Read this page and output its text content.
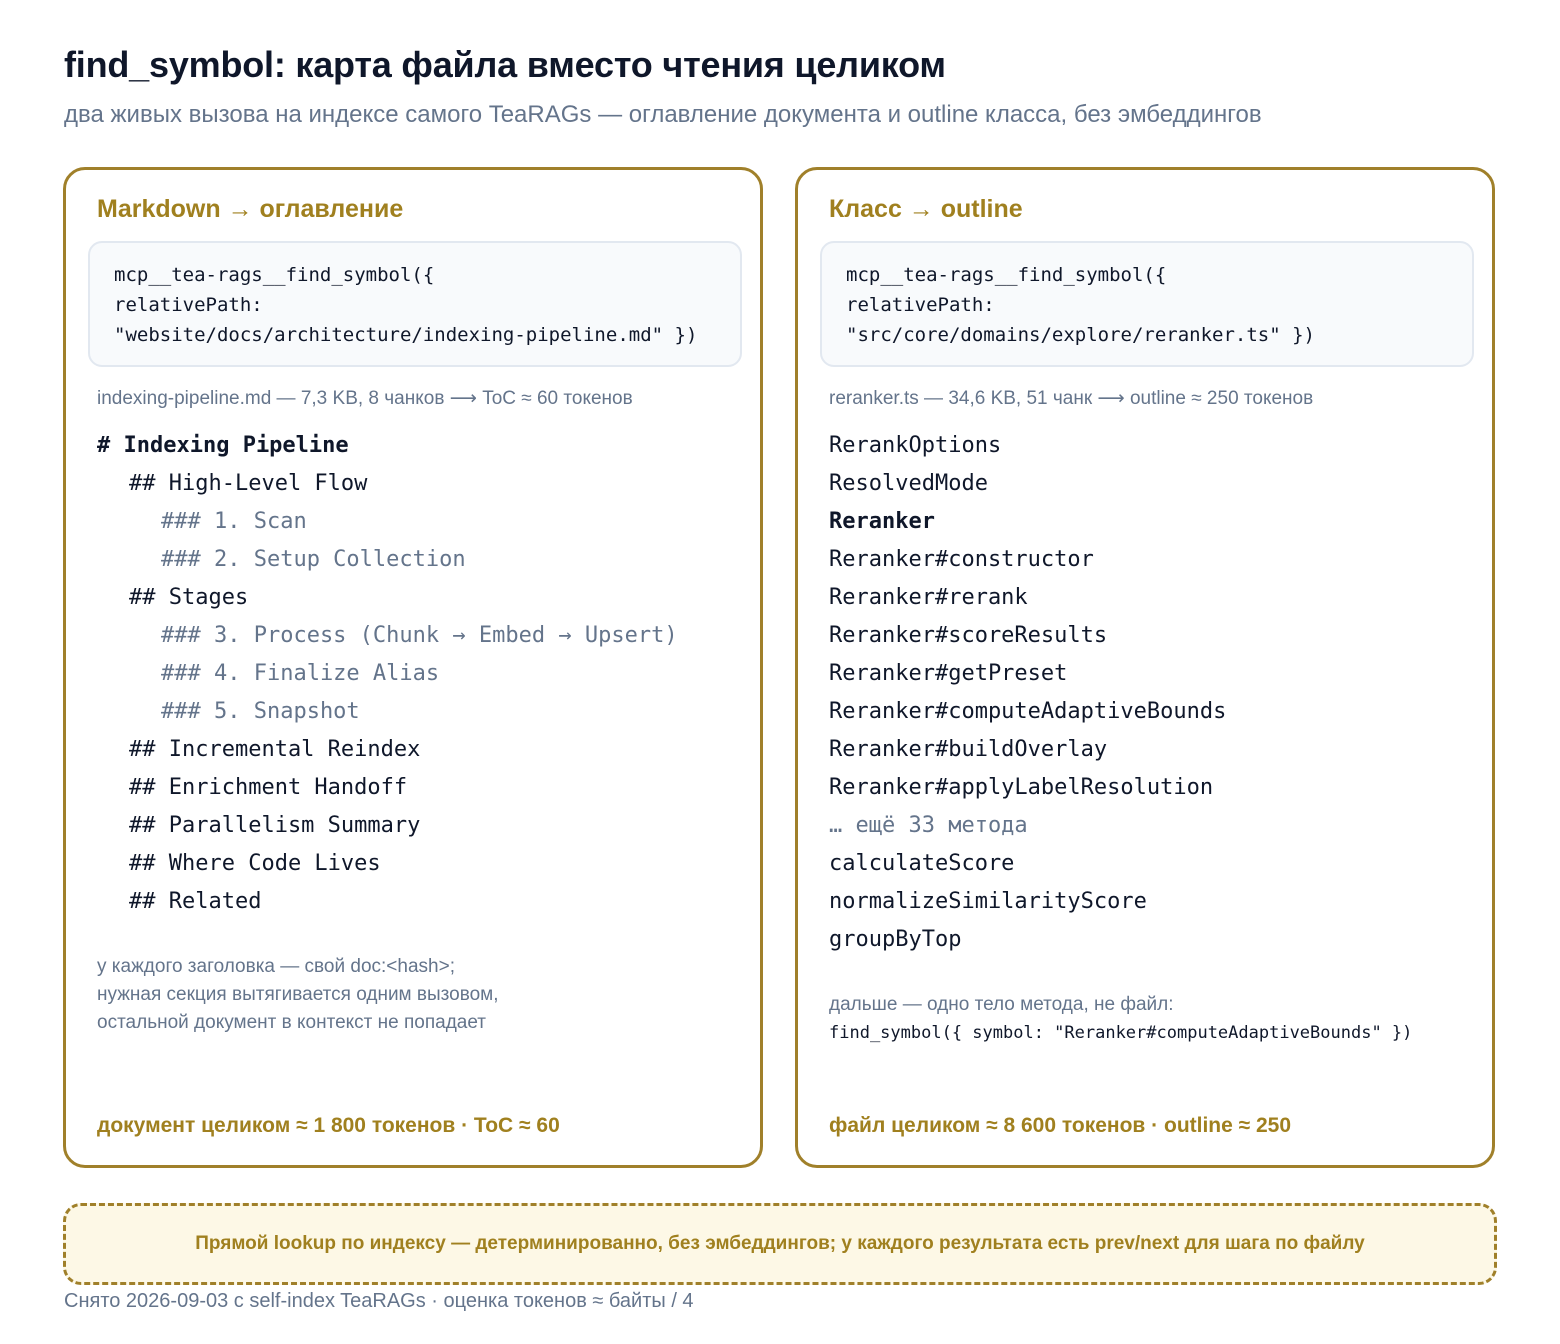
find_symbol: карта файла вместо чтения целиком
два живых вызова на индексе самого TeaRAGs — оглавление документа и outline класса, без эмбеддингов
Markdown → оглавление
mcp__tea-rags__find_symbol({
relativePath:
"website/docs/architecture/indexing-pipeline.md" })
indexing-pipeline.md — 7,3 KB, 8 чанков ⟶ ToC ≈ 60 токенов
# Indexing Pipeline
## High-Level Flow
### 1. Scan
### 2. Setup Collection
## Stages
### 3. Process (Chunk → Embed → Upsert)
### 4. Finalize Alias
### 5. Snapshot
## Incremental Reindex
## Enrichment Handoff
## Parallelism Summary
## Where Code Lives
## Related
у каждого заголовка — свой doc:<hash>;
нужная секция вытягивается одним вызовом,
остальной документ в контекст не попадает
документ целиком ≈ 1 800 токенов · ToC ≈ 60
Класс → outline
mcp__tea-rags__find_symbol({
relativePath:
"src/core/domains/explore/reranker.ts" })
reranker.ts — 34,6 KB, 51 чанк ⟶ outline ≈ 250 токенов
RerankOptions
ResolvedMode
Reranker
Reranker#constructor
Reranker#rerank
Reranker#scoreResults
Reranker#getPreset
Reranker#computeAdaptiveBounds
Reranker#buildOverlay
Reranker#applyLabelResolution
… ещё 33 метода
calculateScore
normalizeSimilarityScore
groupByTop
дальше — одно тело метода, не файл:
find_symbol({ symbol: "Reranker#computeAdaptiveBounds" })
файл целиком ≈ 8 600 токенов · outline ≈ 250
Прямой lookup по индексу — детерминированно, без эмбеддингов; у каждого результата есть prev/next для шага по файлу
Снято 2026-09-03 с self-index TeaRAGs · оценка токенов ≈ байты / 4
